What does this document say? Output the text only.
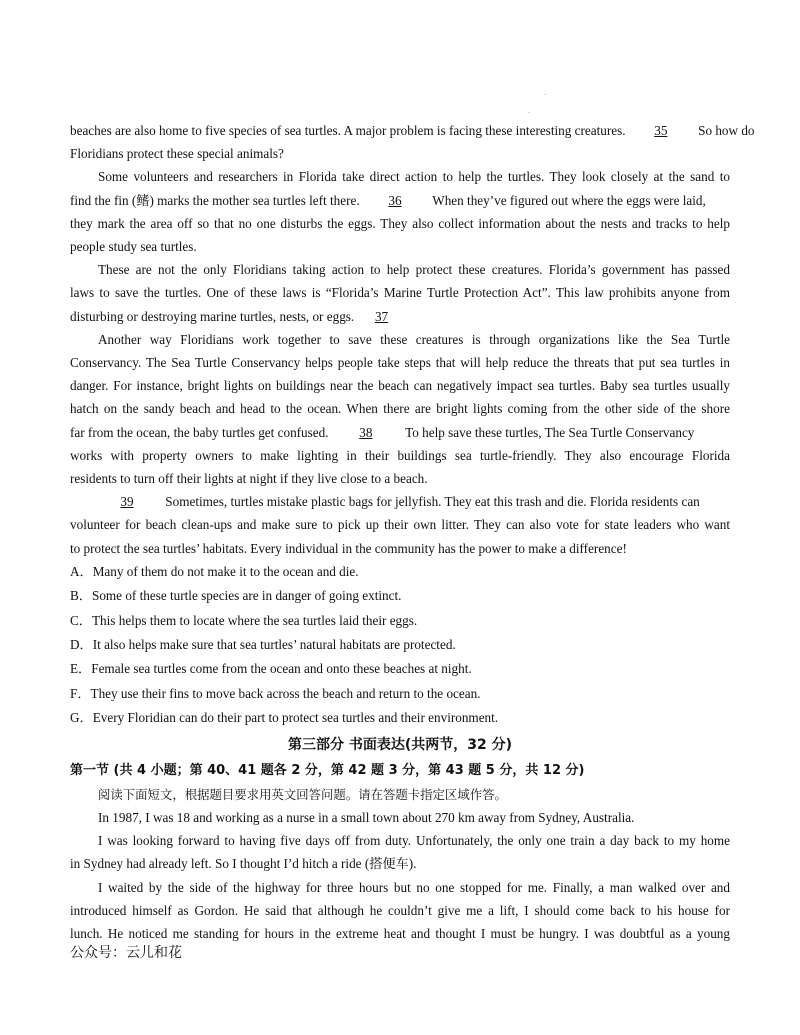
.
.
beaches are also home to five species of sea turtles. A major problem is facing these interesting creatures. 35 So how do
Floridians protect these special animals?
Some volunteers and researchers in Florida take direct action to help the turtles. They look closely at the sand to
find the fin (鳍) marks the mother sea turtles left there. 36 When they’ve figured out where the eggs were laid,
they mark the area off so that no one disturbs the eggs. They also collect information about the nests and tracks to help
people study sea turtles.
These are not the only Floridians taking action to help protect these creatures. Florida’s government has passed
laws to save the turtles. One of these laws is “Florida’s Marine Turtle Protection Act”. This law prohibits anyone from
disturbing or destroying marine turtles, nests, or eggs. 37
Another way Floridians work together to save these creatures is through organizations like the Sea Turtle
Conservancy. The Sea Turtle Conservancy helps people take steps that will help reduce the threats that put sea turtles in
danger. For instance, bright lights on buildings near the beach can negatively impact sea turtles. Baby sea turtles usually
hatch on the sandy beach and head to the ocean. When there are bright lights coming from the other side of the shore
far from the ocean, the baby turtles get confused. 38 To help save these turtles, The Sea Turtle Conservancy
works with property owners to make lighting in their buildings sea turtle-friendly. They also encourage Florida
residents to turn off their lights at night if they live close to a beach.
39 Sometimes, turtles mistake plastic bags for jellyfish. They eat this trash and die. Florida residents can
volunteer for beach clean-ups and make sure to pick up their own litter. They can also vote for state leaders who want
to protect the sea turtles’ habitats. Every individual in the community has the power to make a difference!
A．Many of them do not make it to the ocean and die.
B．Some of these turtle species are in danger of going extinct.
C．This helps them to locate where the sea turtles laid their eggs.
D．It also helps make sure that sea turtles’ natural habitats are protected.
E．Female sea turtles come from the ocean and onto these beaches at night.
F．They use their fins to move back across the beach and return to the ocean.
G．Every Floridian can do their part to protect sea turtles and their environment.
第三部分 书面表达(共两节，32 分)
第一节 (共 4 小题；第 40、41 题各 2 分，第 42 题 3 分，第 43 题 5 分，共 12 分)
阅读下面短文，根据题目要求用英文回答问题。请在答题卡指定区域作答。
In 1987, I was 18 and working as a nurse in a small town about 270 km away from Sydney, Australia.
I was looking forward to having five days off from duty. Unfortunately, the only one train a day back to my home
in Sydney had already left. So I thought I’d hitch a ride (搭便车).
I waited by the side of the highway for three hours but no one stopped for me. Finally, a man walked over and
introduced himself as Gordon. He said that although he couldn’t give me a lift, I should come back to his house for
lunch. He noticed me standing for hours in the extreme heat and thought I must be hungry. I was doubtful as a young
公众号：云儿和花
